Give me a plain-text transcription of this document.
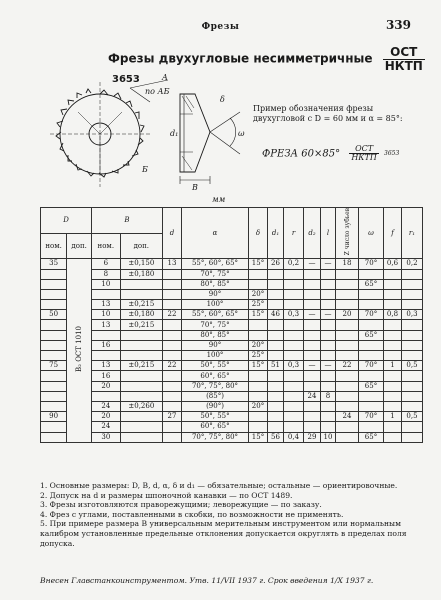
Фрезы	339
Фрезы двухугловые несимметричные $\frac{\text{ОСТ}}{\text{НКТП}}$
3653	A
по АБ
Б
d₁
B
ω
δ
Пример обозначения фрезы двухугловой с D = 60 мм и α = 85°:
ФРЕЗА $60\times 85^\circ \frac{\text{ОСТ}}{\text{НКТП}} 3653$
мм
D		B		d	α	δ	d₁	r	d₂	l	Z число зубьев	ω	f	r₁
ном.	доп.	ном.	доп.											
35	B₂ ОСТ 1010	6	±0,150	13	55°, 60°, 65°	15°	26	0,2	—	—	18	70°	0,6	0,2
		8	±0,180		70°, 75°									
		10			80°, 85°							65°		
					90°	20°								
		13	±0,215		100°	25°								
50		10	±0,180	22	55°, 60°, 65°	15°	46	0,3	—	—	20	70°	0,8	0,3
		13	±0,215		70°, 75°									
					80°, 85°							65°		
		16			90°	20°								
					100°	25°								
75		13	±0,215	22	50°, 55°	15°	51	0,3	—	—	22	70°	1	0,5
		16			60°, 65°									
		20			70°, 75°, 80°							65°		
					(85°)				24	8				
		24	±0,260		(90°)	20°								
90		20		27	50°, 55°						24	70°	1	0,5
		24			60°, 65°									
		30			70°, 75°, 80°	15°	56	0,4	29	10		65°		

1. Основные размеры: D, B, d, α, δ и d₁ — обязательные; остальные — ориентировочные.

2. Допуск на d и размеры шпоночной канавки — по ОСТ 1489.

3. Фрезы изготовляются праворежущими; леворежущие — по заказу.

4. Фрез с углами, поставленными в скобки, по возможности не применять.

5. При примере размера B универсальным мерительным инструментом или нормальным калибром установленные предельные отклонения допускается округлять в пределах поля допуска.

Внесен Главстанкоинструментом. Утв. 11/VII 1937 г. Срок введения 1/X 1937 г.
